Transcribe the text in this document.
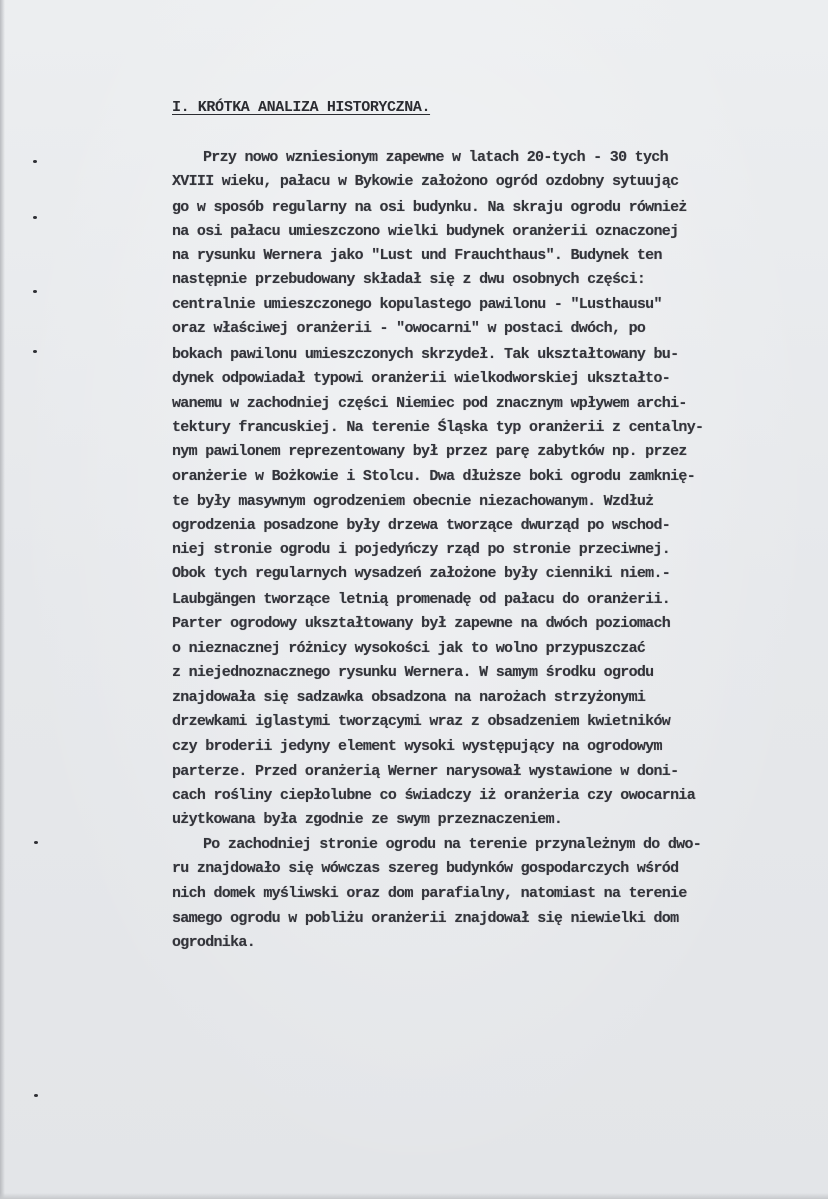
I. KRÓTKA ANALIZA HISTORYCZNA.
Przy nowo wzniesionym zapewne w latach 20-tych - 30 tych
XVIII wieku, pałacu w Bykowie założono ogród ozdobny sytuując
go w sposób regularny na osi budynku. Na skraju ogrodu również
na osi pałacu umieszczono wielki budynek oranżerii oznaczonej
na rysunku Wernera jako "Lust und Frauchthaus". Budynek ten
następnie przebudowany składał się z dwu osobnych części:
centralnie umieszczonego kopulastego pawilonu - "Lusthausu"
oraz właściwej oranżerii - "owocarni" w postaci dwóch, po
bokach pawilonu umieszczonych skrzydeł. Tak ukształtowany bu-
dynek odpowiadał typowi oranżerii wielkodworskiej ukształto-
wanemu w zachodniej części Niemiec pod znacznym wpływem archi-
tektury francuskiej. Na terenie Śląska typ oranżerii z centalny-
nym pawilonem reprezentowany był przez parę zabytków np. przez
oranżerie w Bożkowie i Stolcu. Dwa dłuższe boki ogrodu zamknię-
te były masywnym ogrodzeniem obecnie niezachowanym. Wzdłuż
ogrodzenia posadzone były drzewa tworzące dwurząd po wschod-
niej stronie ogrodu i pojedyńczy rząd po stronie przeciwnej.
Obok tych regularnych wysadzeń założone były cienniki niem.-
Laubgängen tworzące letnią promenadę od pałacu do oranżerii.
Parter ogrodowy ukształtowany był zapewne na dwóch poziomach
o nieznacznej różnicy wysokości jak to wolno przypuszczać
z niejednoznacznego rysunku Wernera. W samym środku ogrodu
znajdowała się sadzawka obsadzona na narożach strzyżonymi
drzewkami iglastymi tworzącymi wraz z obsadzeniem kwietników
czy broderii jedyny element wysoki występujący na ogrodowym
parterze. Przed oranżerią Werner narysował wystawione w doni-
cach rośliny ciepłolubne co świadczy iż oranżeria czy owocarnia
użytkowana była zgodnie ze swym przeznaczeniem.
Po zachodniej stronie ogrodu na terenie przynależnym do dwo-
ru znajdowało się wówczas szereg budynków gospodarczych wśród
nich domek myśliwski oraz dom parafialny, natomiast na terenie
samego ogrodu w pobliżu oranżerii znajdował się niewielki dom
ogrodnika.
